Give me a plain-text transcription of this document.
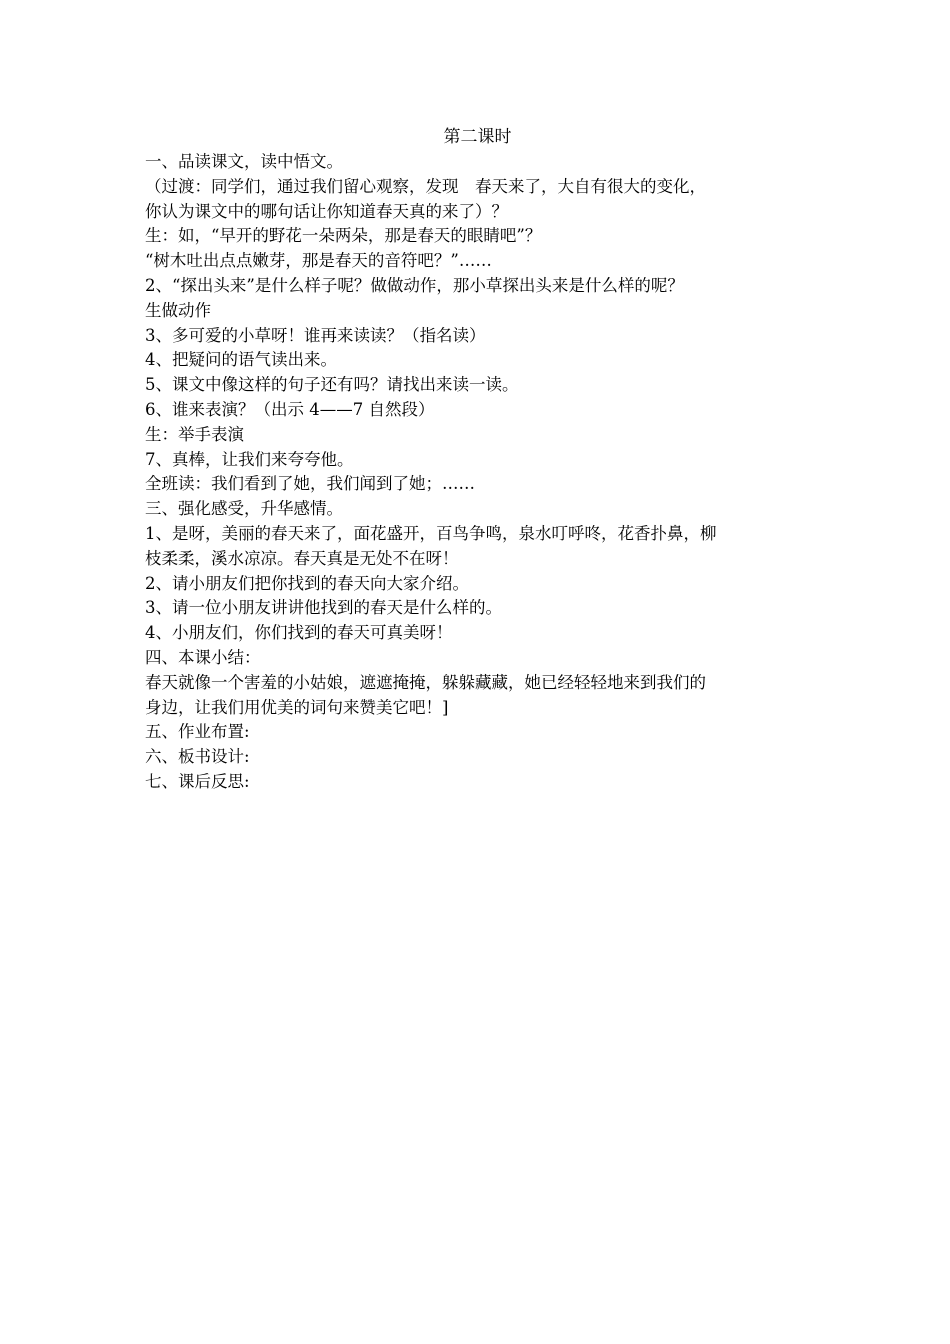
第二课时
一、品读课文，读中悟文。
（过渡：同学们，通过我们留心观察，发现　春天来了，大自有很大的变化，
你认为课文中的哪句话让你知道春天真的来了）？
生：如，“早开的野花一朵两朵，那是春天的眼睛吧”？
“树木吐出点点嫩芽，那是春天的音符吧？”……
2、“探出头来”是什么样子呢？做做动作，那小草探出头来是什么样的呢？
生做动作
3、多可爱的小草呀！谁再来读读？（指名读）
4、把疑问的语气读出来。
5、课文中像这样的句子还有吗？请找出来读一读。
6、谁来表演？（出示 4——7 自然段）
生：举手表演
7、真棒，让我们来夸夸他。
全班读：我们看到了她，我们闻到了她；……
三、强化感受，升华感情。
1、是呀，美丽的春天来了，面花盛开，百鸟争鸣，泉水叮呼咚，花香扑鼻，柳
枝柔柔，溪水凉凉。春天真是无处不在呀！
2、请小朋友们把你找到的春天向大家介绍。
3、请一位小朋友讲讲他找到的春天是什么样的。
4、小朋友们，你们找到的春天可真美呀！
四、本课小结：
春天就像一个害羞的小姑娘，遮遮掩掩，躲躲藏藏，她已经轻轻地来到我们的
身边，让我们用优美的词句来赞美它吧！]
五、作业布置:
六、板书设计:
七、课后反思:
